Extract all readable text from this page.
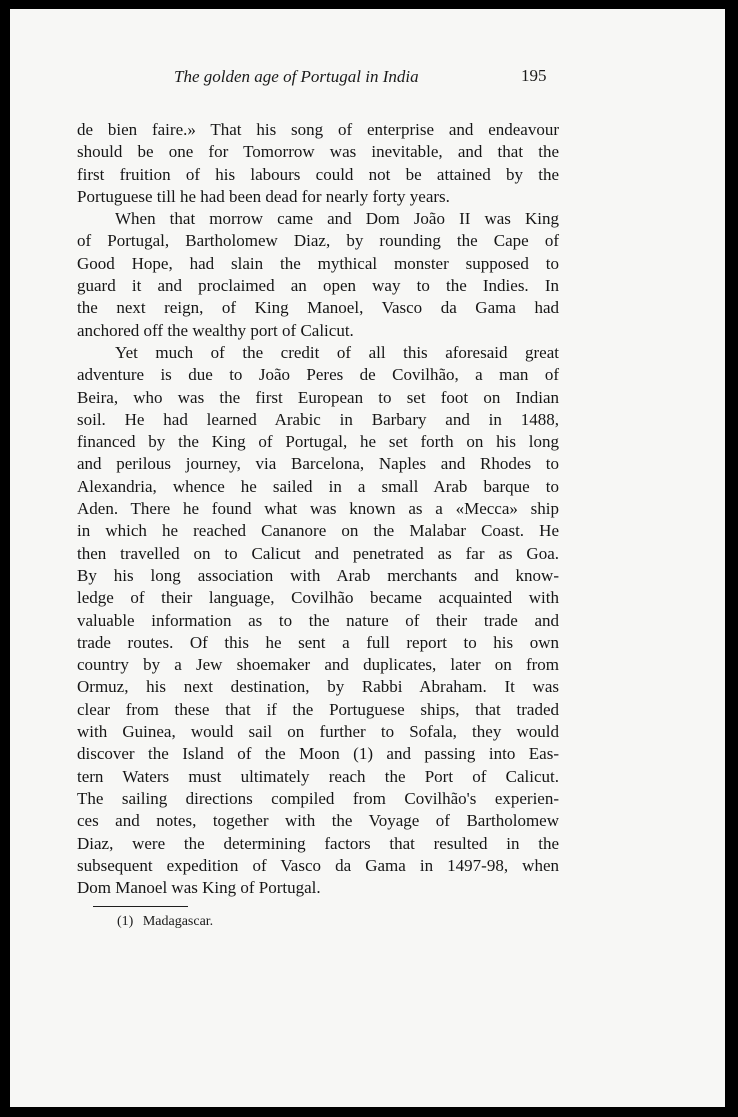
The golden age of Portugal in India	195
de bien faire.» That his song of enterprise and endeavour
should be one for Tomorrow was inevitable, and that the
first fruition of his labours could not be attained by the
Portuguese till he had been dead for nearly forty years.
When that morrow came and Dom João II was King
of Portugal, Bartholomew Diaz, by rounding the Cape of
Good Hope, had slain the mythical monster supposed to
guard it and proclaimed an open way to the Indies. In
the next reign, of King Manoel, Vasco da Gama had
anchored off the wealthy port of Calicut.
Yet much of the credit of all this aforesaid great
adventure is due to João Peres de Covilhão, a man of
Beira, who was the first European to set foot on Indian
soil. He had learned Arabic in Barbary and in 1488,
financed by the King of Portugal, he set forth on his long
and perilous journey, via Barcelona, Naples and Rhodes to
Alexandria, whence he sailed in a small Arab barque to
Aden. There he found what was known as a «Mecca» ship
in which he reached Cananore on the Malabar Coast. He
then travelled on to Calicut and penetrated as far as Goa.
By his long association with Arab merchants and know-
ledge of their language, Covilhão became acquainted with
valuable information as to the nature of their trade and
trade routes. Of this he sent a full report to his own
country by a Jew shoemaker and duplicates, later on from
Ormuz, his next destination, by Rabbi Abraham. It was
clear from these that if the Portuguese ships, that traded
with Guinea, would sail on further to Sofala, they would
discover the Island of the Moon (1) and passing into Eas-
tern Waters must ultimately reach the Port of Calicut.
The sailing directions compiled from Covilhão's experien-
ces and notes, together with the Voyage of Bartholomew
Diaz, were the determining factors that resulted in the
subsequent expedition of Vasco da Gama in 1497-98, when
Dom Manoel was King of Portugal.
(1) Madagascar.
